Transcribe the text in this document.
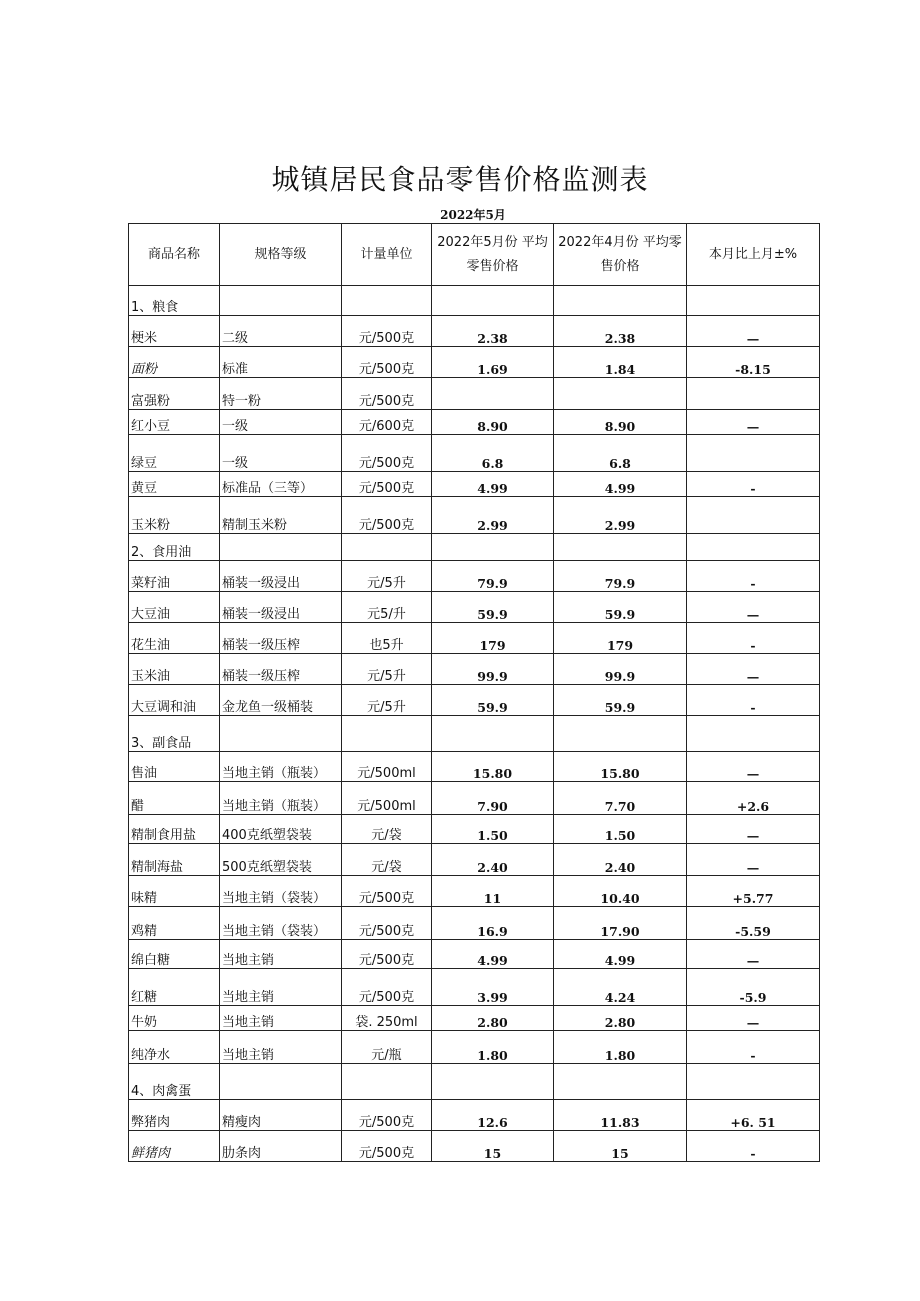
城镇居民食品零售价格监测表
2022年5月
商品名称	规格等级	计量单位	2022年5月份 平均零售价格	2022年4月份 平均零售价格	本月比上月±%
1、粮食					
梗米	二级	元/500克	2.38	2.38	—
面粉	标准	元/500克	1.69	1.84	-8.15
富强粉	特一粉	元/500克			
红小豆	一级	元/600克	8.90	8.90	—
绿豆	一级	元/500克	6.8	6.8	
黄豆	标准品（三等）	元/500克	4.99	4.99	-
玉米粉	精制玉米粉	元/500克	2.99	2.99	
2、食用油					
菜籽油	桶装一级浸出	元/5升	79.9	79.9	-
大豆油	桶装一级浸出	元5/升	59.9	59.9	—
花生油	桶装一级压榨	也5升	179	179	-
玉米油	桶装一级压榨	元/5升	99.9	99.9	—
大豆调和油	金龙鱼一级桶装	元/5升	59.9	59.9	-
3、副食品					
售油	当地主销（瓶装）	元/500ml	15.80	15.80	—
醋	当地主销（瓶装）	元/500ml	7.90	7.70	+2.6
精制食用盐	400克纸塑袋装	元/袋	1.50	1.50	—
精制海盐	500克纸塑袋装	元/袋	2.40	2.40	—
味精	当地主销（袋装）	元/500克	11	10.40	+5.77
鸡精	当地主销（袋装）	元/500克	16.9	17.90	-5.59
绵白糖	当地主销	元/500克	4.99	4.99	—
红糖	当地主销	元/500克	3.99	4.24	-5.9
牛奶	当地主销	袋. 250ml	2.80	2.80	—
纯净水	当地主销	元/瓶	1.80	1.80	-
4、肉禽蛋					
弊猪肉	精瘦肉	元/500克	12.6	11.83	+6. 51
鲜猪肉	肋条肉	元/500克	15	15	-
